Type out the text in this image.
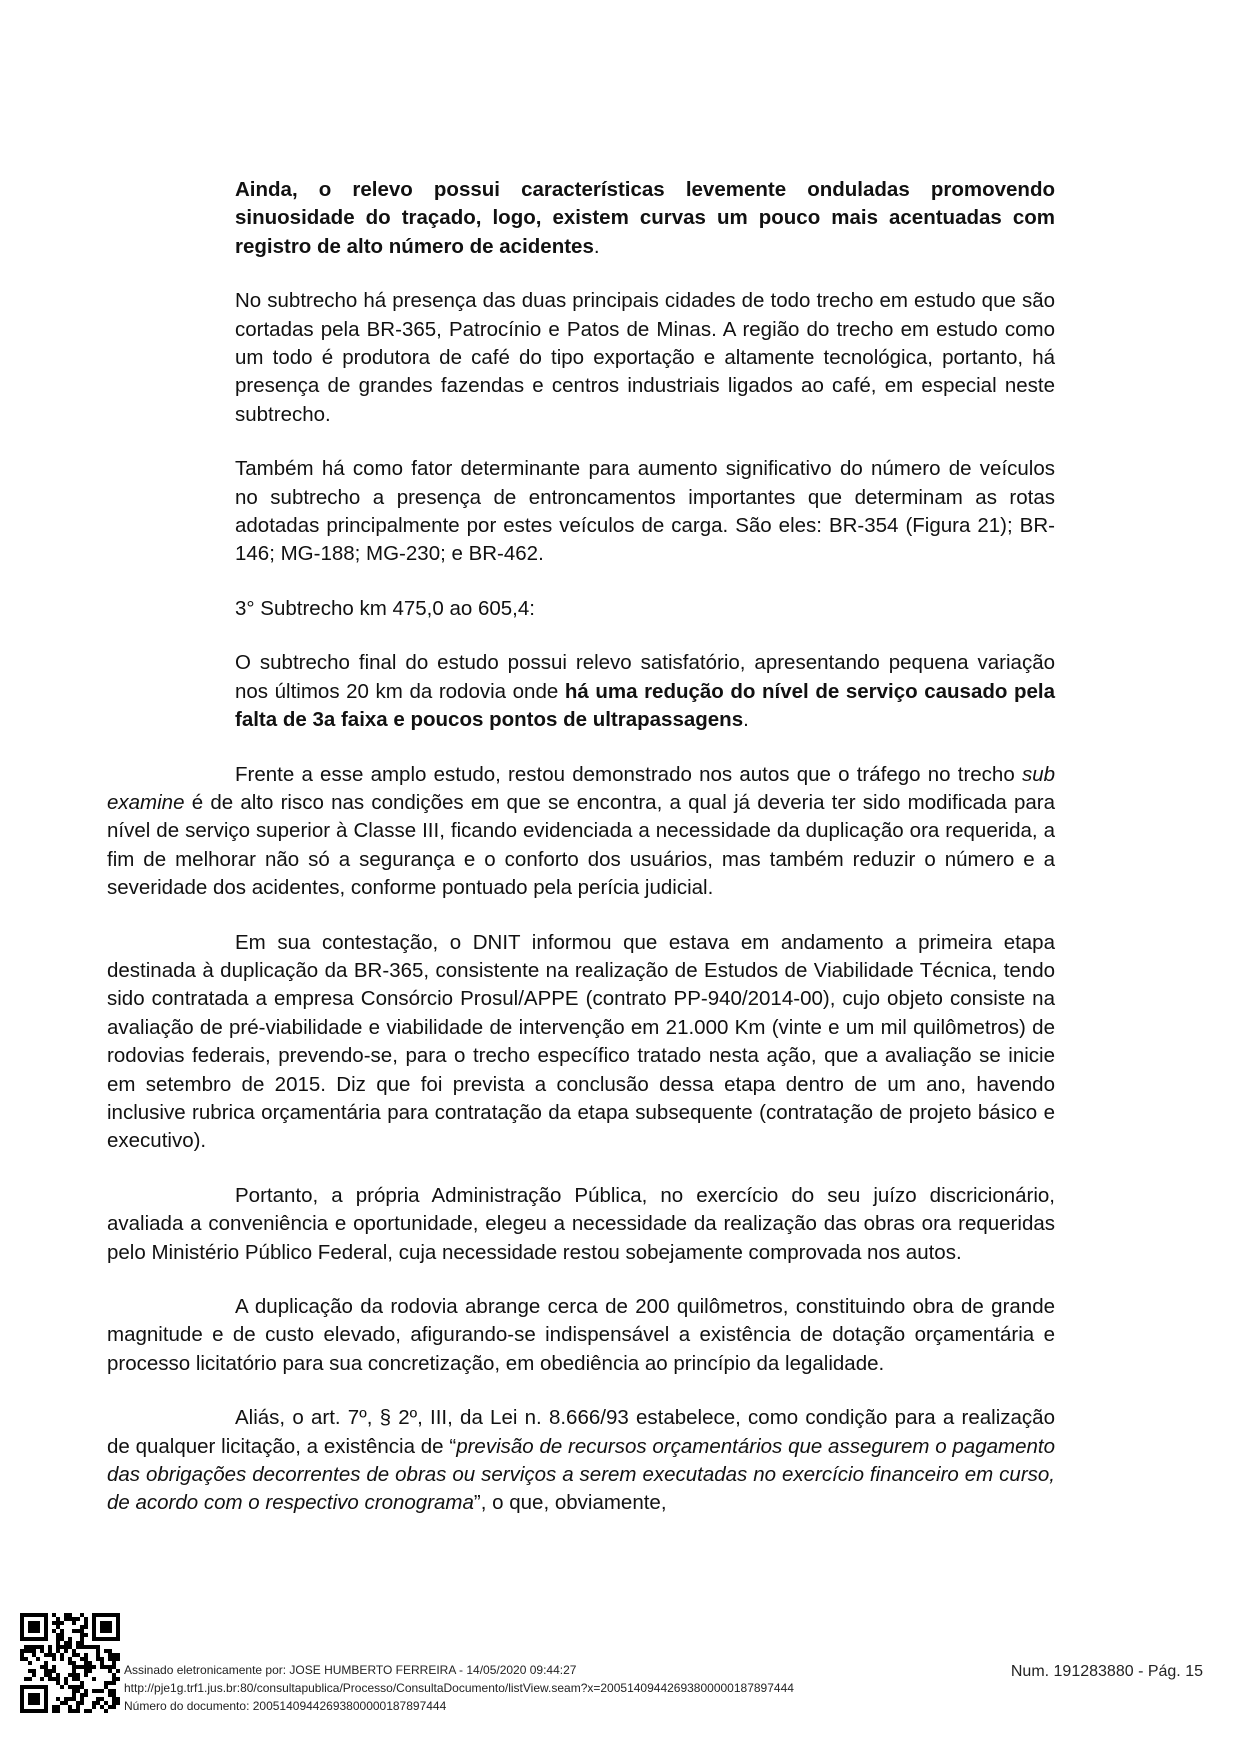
Ainda, o relevo possui características levemente onduladas promovendo sinuosidade do traçado, logo, existem curvas um pouco mais acentuadas com registro de alto número de acidentes.

No subtrecho há presença das duas principais cidades de todo trecho em estudo que são cortadas pela BR-365, Patrocínio e Patos de Minas. A região do trecho em estudo como um todo é produtora de café do tipo exportação e altamente tecnológica, portanto, há presença de grandes fazendas e centros industriais ligados ao café, em especial neste subtrecho.

Também há como fator determinante para aumento significativo do número de veículos no subtrecho a presença de entroncamentos importantes que determinam as rotas adotadas principalmente por estes veículos de carga. São eles: BR-354 (Figura 21); BR-146; MG-188; MG-230; e BR-462.

3° Subtrecho km 475,0 ao 605,4:

O subtrecho final do estudo possui relevo satisfatório, apresentando pequena variação nos últimos 20 km da rodovia onde há uma redução do nível de serviço causado pela falta de 3a faixa e poucos pontos de ultrapassagens.

Frente a esse amplo estudo, restou demonstrado nos autos que o tráfego no trecho sub examine é de alto risco nas condições em que se encontra, a qual já deveria ter sido modificada para nível de serviço superior à Classe III, ficando evidenciada a necessidade da duplicação ora requerida, a fim de melhorar não só a segurança e o conforto dos usuários, mas também reduzir o número e a severidade dos acidentes, conforme pontuado pela perícia judicial.

Em sua contestação, o DNIT informou que estava em andamento a primeira etapa destinada à duplicação da BR-365, consistente na realização de Estudos de Viabilidade Técnica, tendo sido contratada a empresa Consórcio Prosul/APPE (contrato PP-940/2014-00), cujo objeto consiste na avaliação de pré-viabilidade e viabilidade de intervenção em 21.000 Km (vinte e um mil quilômetros) de rodovias federais, prevendo-se, para o trecho específico tratado nesta ação, que a avaliação se inicie em setembro de 2015. Diz que foi prevista a conclusão dessa etapa dentro de um ano, havendo inclusive rubrica orçamentária para contratação da etapa subsequente (contratação de projeto básico e executivo).

Portanto, a própria Administração Pública, no exercício do seu juízo discricionário, avaliada a conveniência e oportunidade, elegeu a necessidade da realização das obras ora requeridas pelo Ministério Público Federal, cuja necessidade restou sobejamente comprovada nos autos.

A duplicação da rodovia abrange cerca de 200 quilômetros, constituindo obra de grande magnitude e de custo elevado, afigurando-se indispensável a existência de dotação orçamentária e processo licitatório para sua concretização, em obediência ao princípio da legalidade.

Aliás, o art. 7º, § 2º, III, da Lei n. 8.666/93 estabelece, como condição para a realização de qualquer licitação, a existência de “previsão de recursos orçamentários que assegurem o pagamento das obrigações decorrentes de obras ou serviços a serem executadas no exercício financeiro em curso, de acordo com o respectivo cronograma”, o que, obviamente,

Assinado eletronicamente por: JOSE HUMBERTO FERREIRA - 14/05/2020 09:44:27
http://pje1g.trf1.jus.br:80/consultapublica/Processo/ConsultaDocumento/listView.seam?x=20051409442693800000187897444
Número do documento: 20051409442693800000187897444
Num. 191283880 - Pág. 15
